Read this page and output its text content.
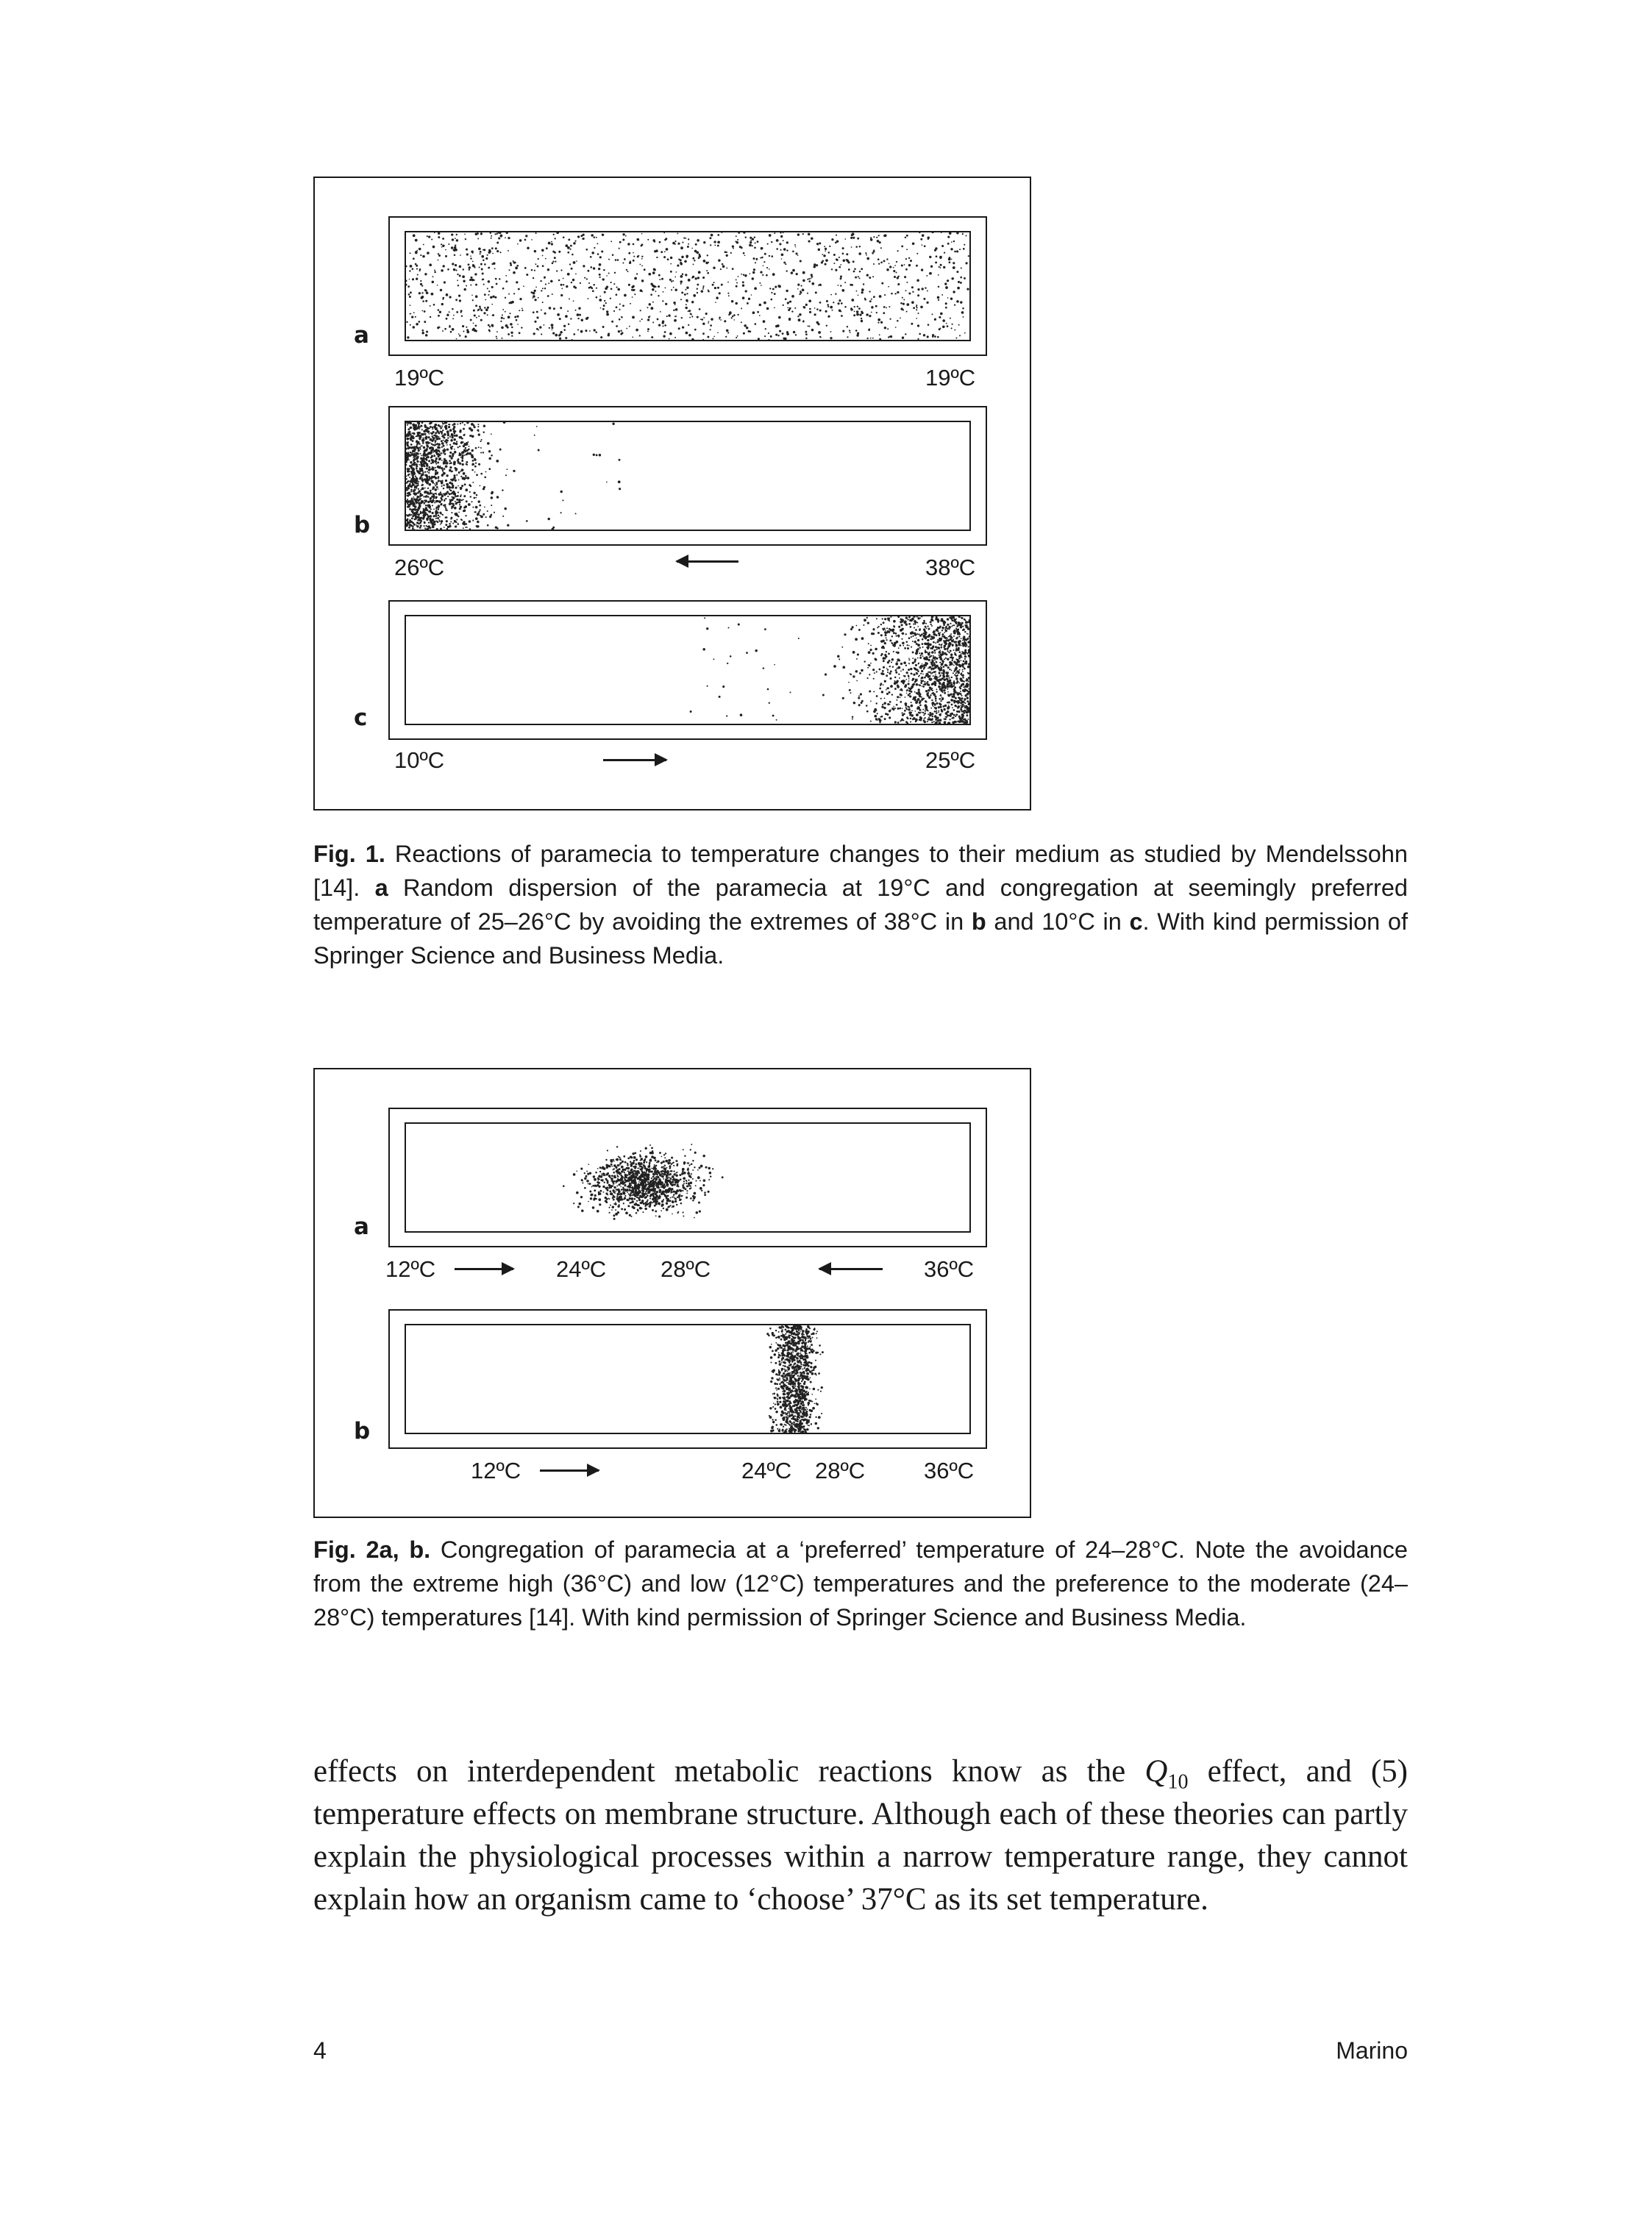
a
19ºC	19ºC
b
26ºC	38ºC
c
10ºC	25ºC
Fig. 1. Reactions of paramecia to temperature changes to their medium as studied by Mendelssohn [14]. a Random dispersion of the paramecia at 19°C and congregation at seemingly preferred temperature of 25–26°C by avoiding the extremes of 38°C in b and 10°C in c. With kind permission of Springer Science and Business Media.
a
12ºC	24ºC 28ºC	36ºC
b
12ºC	24ºC 28ºC	36ºC
Fig. 2a, b. Congregation of paramecia at a ‘preferred’ temperature of 24–28°C. Note the avoidance from the extreme high (36°C) and low (12°C) temperatures and the preference to the moderate (24–28°C) temperatures [14]. With kind permission of Springer Science and Business Media.
effects on interdependent metabolic reactions know as the $Q_{10}$ effect, and (5) temperature effects on membrane structure. Although each of these theories can partly explain the physiological processes within a narrow temperature range, they cannot explain how an organism came to ‘choose’ 37°C as its set temperature.
4	Marino
